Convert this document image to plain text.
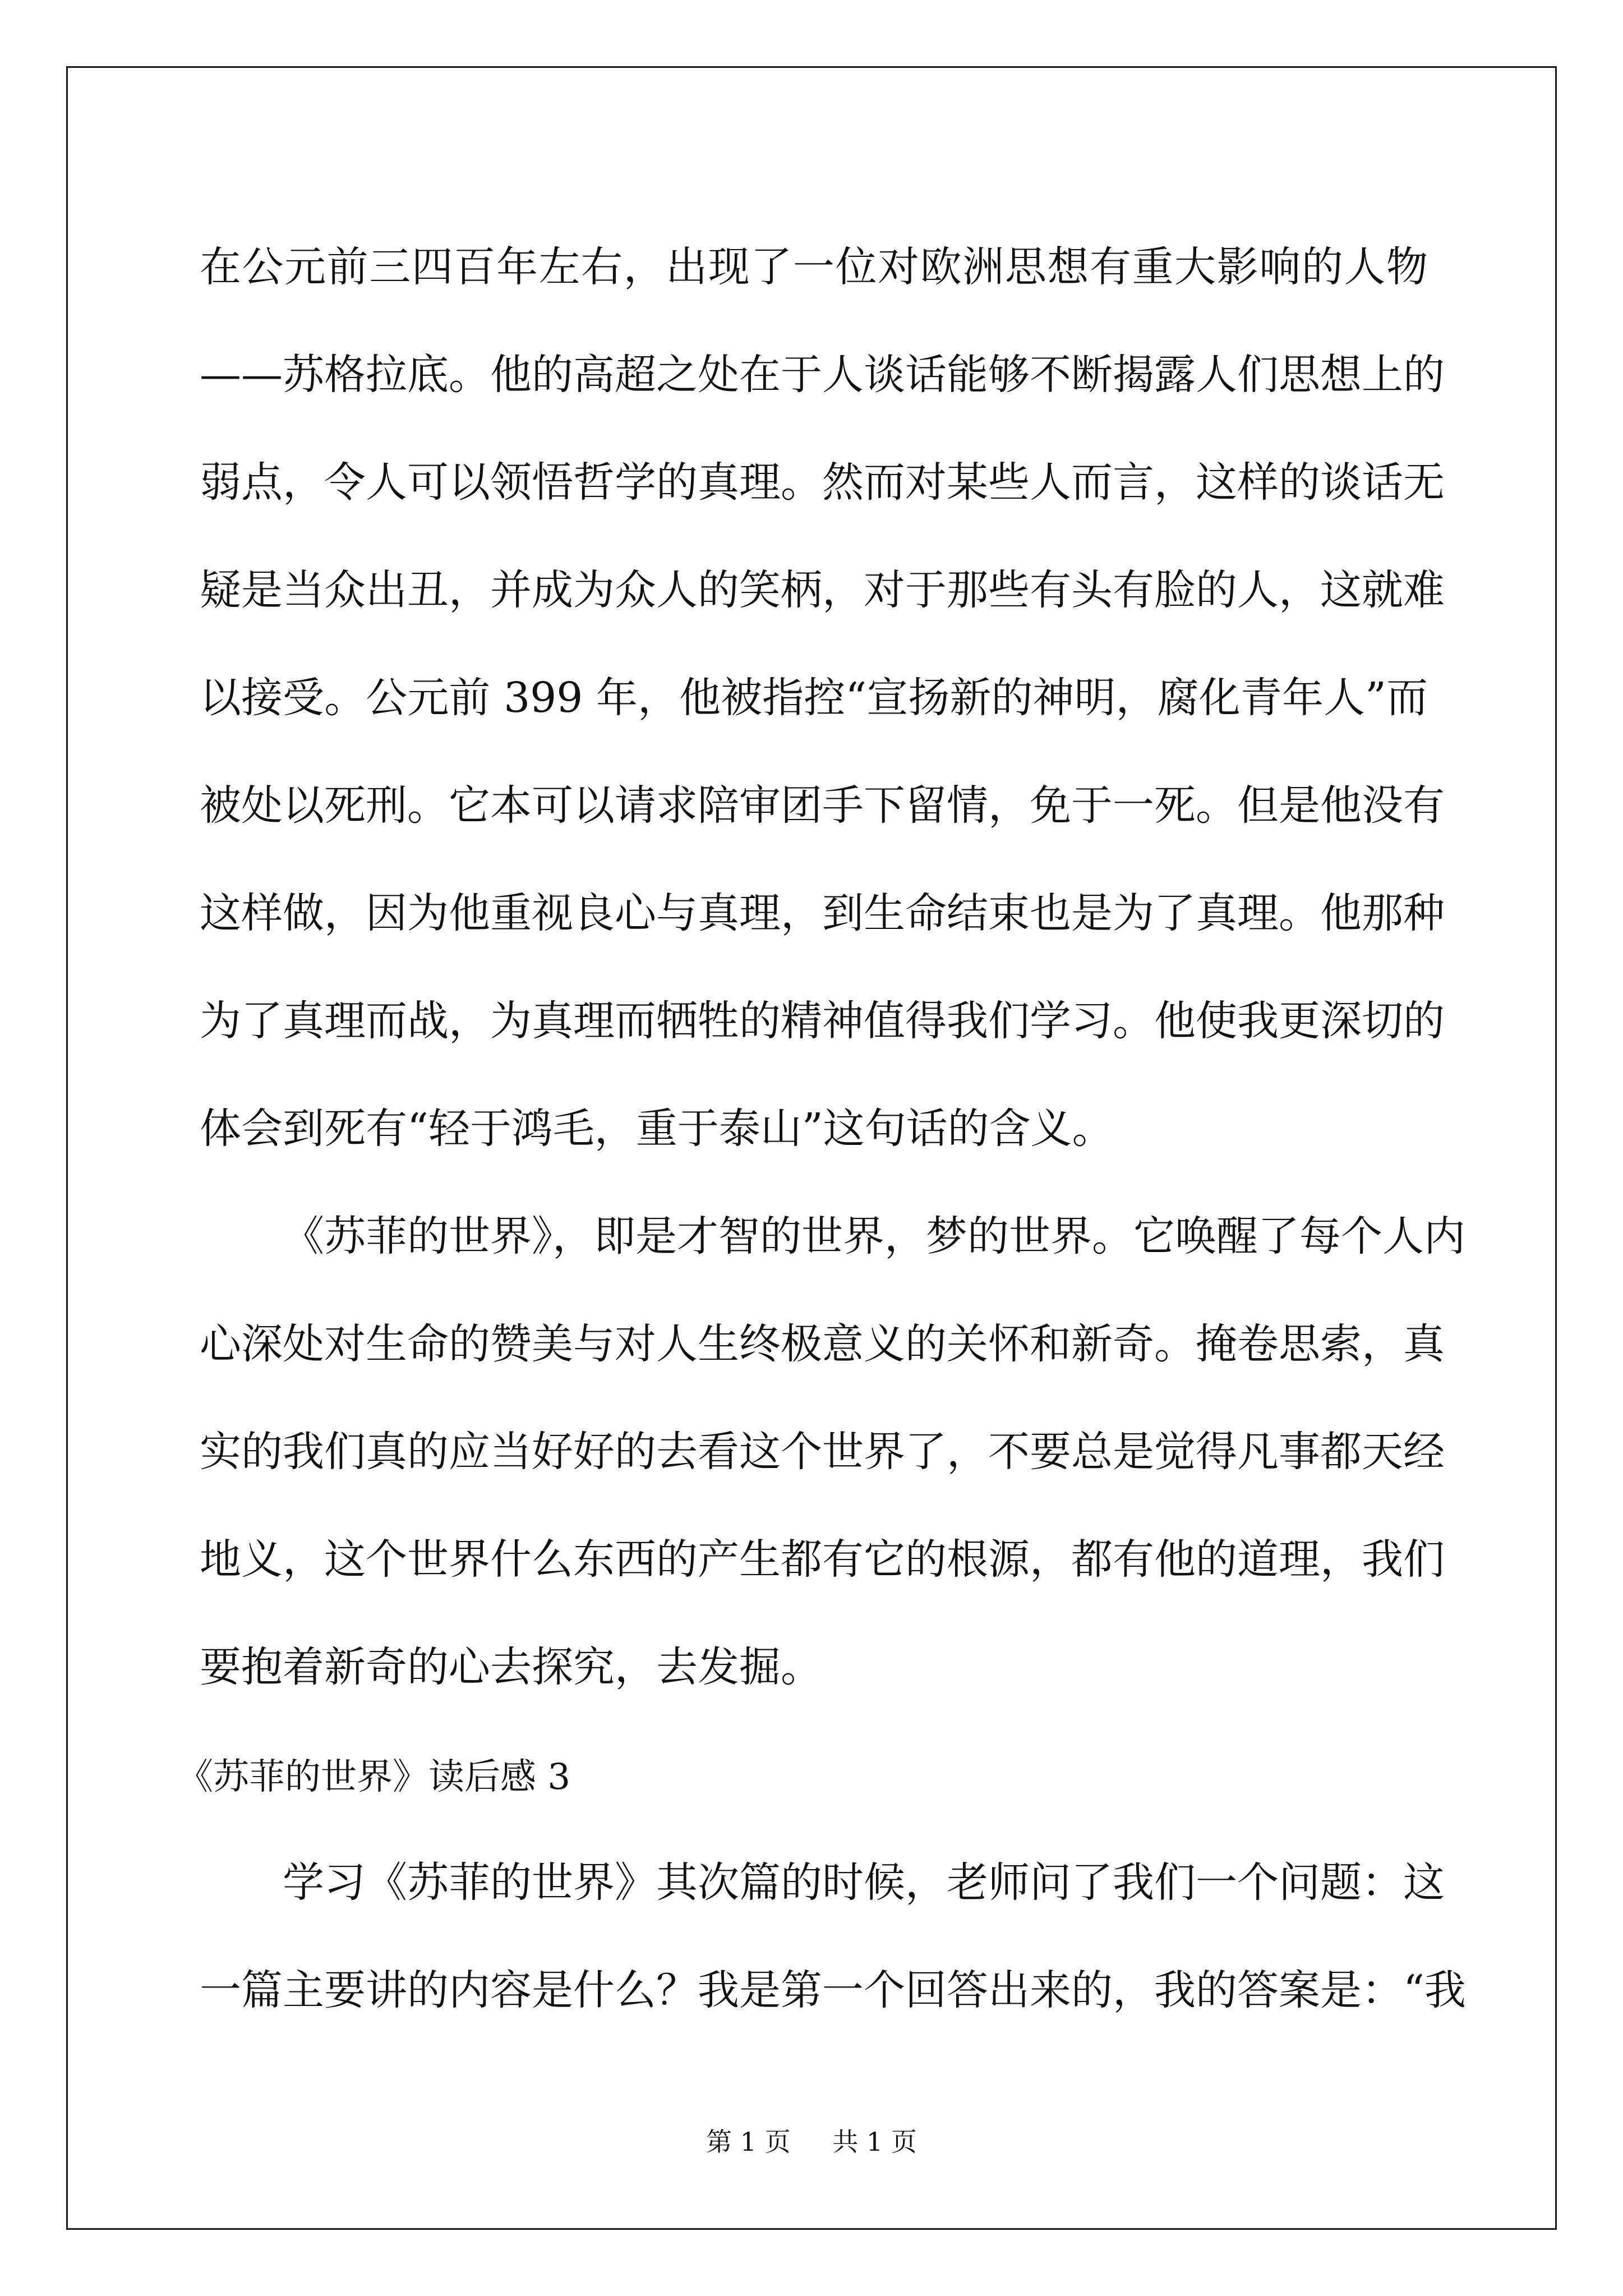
在公元前三四百年左右，出现了一位对欧洲思想有重大影响的人物
——苏格拉底。他的高超之处在于人谈话能够不断揭露人们思想上的
弱点，令人可以领悟哲学的真理。然而对某些人而言，这样的谈话无
疑是当众出丑，并成为众人的笑柄，对于那些有头有脸的人，这就难
以接受。公元前 399 年，他被指控“宣扬新的神明，腐化青年人”而
被处以死刑。它本可以请求陪审团手下留情，免于一死。但是他没有
这样做，因为他重视良心与真理，到生命结束也是为了真理。他那种
为了真理而战，为真理而牺牲的精神值得我们学习。他使我更深切的
体会到死有“轻于鸿毛，重于泰山”这句话的含义。
《苏菲的世界》，即是才智的世界，梦的世界。它唤醒了每个人内
心深处对生命的赞美与对人生终极意义的关怀和新奇。掩卷思索，真
实的我们真的应当好好的去看这个世界了，不要总是觉得凡事都天经
地义，这个世界什么东西的产生都有它的根源，都有他的道理，我们
要抱着新奇的心去探究，去发掘。
《苏菲的世界》读后感 3
学习《苏菲的世界》其次篇的时候，老师问了我们一个问题：这
一篇主要讲的内容是什么？我是第一个回答出来的，我的答案是：“我
第 1 页 共 1 页
